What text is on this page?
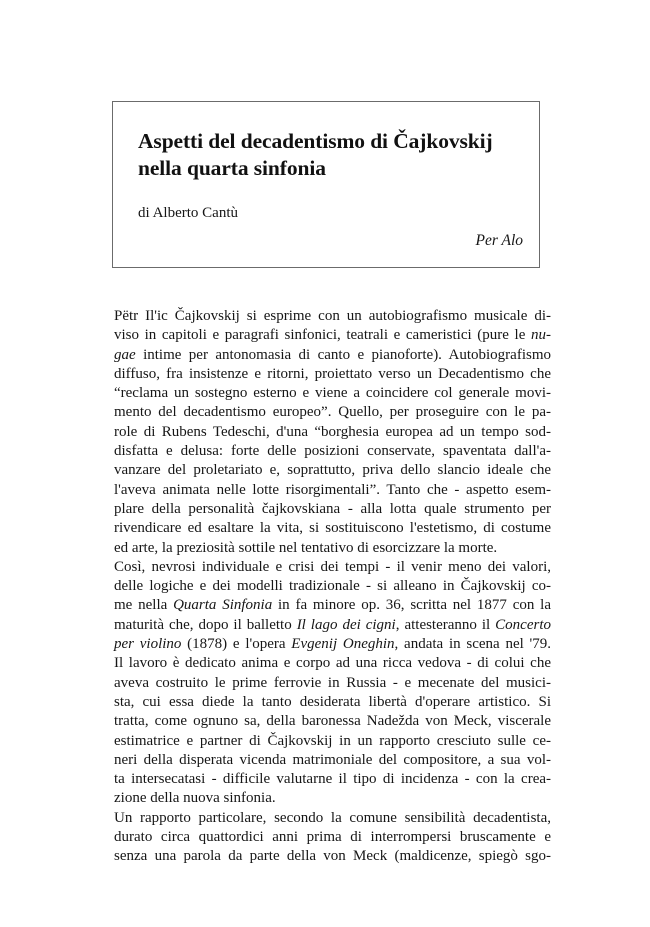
Aspetti del decadentismo di Čajkovskij
nella quarta sinfonia
di Alberto Cantù
Per Alo
Pëtr Il'ic Čajkovskij si esprime con un autobiografismo musicale di-
viso in capitoli e paragrafi sinfonici, teatrali e cameristici (pure le nu-
gae intime per antonomasia di canto e pianoforte). Autobiografismo
diffuso, fra insistenze e ritorni, proiettato verso un Decadentismo che
“reclama un sostegno esterno e viene a coincidere col generale movi-
mento del decadentismo europeo”. Quello, per proseguire con le pa-
role di Rubens Tedeschi, d'una “borghesia europea ad un tempo sod-
disfatta e delusa: forte delle posizioni conservate, spaventata dall'a-
vanzare del proletariato e, soprattutto, priva dello slancio ideale che
l'aveva animata nelle lotte risorgimentali”. Tanto che - aspetto esem-
plare della personalità čajkovskiana - alla lotta quale strumento per
rivendicare ed esaltare la vita, si sostituiscono l'estetismo, di costume
ed arte, la preziosità sottile nel tentativo di esorcizzare la morte.
Così, nevrosi individuale e crisi dei tempi - il venir meno dei valori,
delle logiche e dei modelli tradizionale - si alleano in Čajkovskij co-
me nella Quarta Sinfonia in fa minore op. 36, scritta nel 1877 con la
maturità che, dopo il balletto Il lago dei cigni, attesteranno il Concerto
per violino (1878) e l'opera Evgenij Oneghin, andata in scena nel '79.
Il lavoro è dedicato anima e corpo ad una ricca vedova - di colui che
aveva costruito le prime ferrovie in Russia - e mecenate del musici-
sta, cui essa diede la tanto desiderata libertà d'operare artistico. Si
tratta, come ognuno sa, della baronessa Nadežda von Meck, viscerale
estimatrice e partner di Čajkovskij in un rapporto cresciuto sulle ce-
neri della disperata vicenda matrimoniale del compositore, a sua vol-
ta intersecatasi - difficile valutarne il tipo di incidenza - con la crea-
zione della nuova sinfonia.
Un rapporto particolare, secondo la comune sensibilità decadentista,
durato circa quattordici anni prima di interrompersi bruscamente e
senza una parola da parte della von Meck (maldicenze, spiegò sgo-
